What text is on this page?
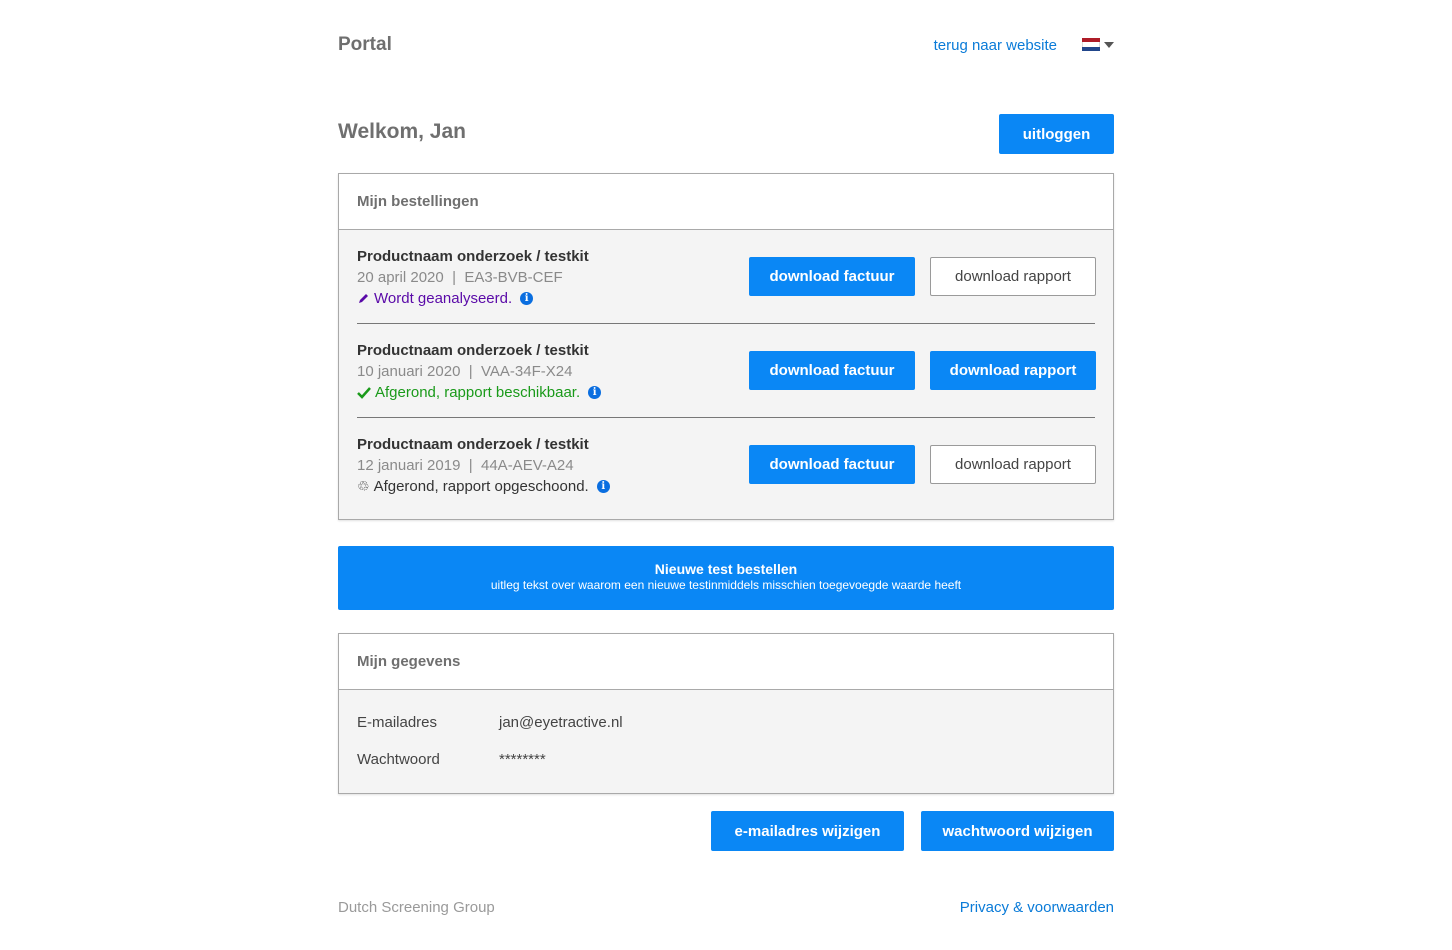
Portal	terug naar website
Welkom, Jan	uitloggen
Mijn bestellingen
Productnaam onderzoek / testkit
20 april 2020  |  EA3-BVB-CEF
Wordt geanalyseerd.	i
download factuur	download rapport
Productnaam onderzoek / testkit
10 januari 2020  |  VAA-34F-X24
Afgerond, rapport beschikbaar.	i
download factuur	download rapport
Productnaam onderzoek / testkit
12 januari 2019  |  44A-AEV-A24
♲ Afgerond, rapport opgeschoond.	i
download factuur	download rapport
Nieuwe test bestellen
uitleg tekst over waarom een nieuwe testinmiddels misschien toegevoegde waarde heeft
Mijn gegevens
E-mailadres	jan@eyetractive.nl
Wachtwoord	********
e-mailadres wijzigen	wachtwoord wijzigen
Dutch Screening Group	Privacy & voorwaarden
